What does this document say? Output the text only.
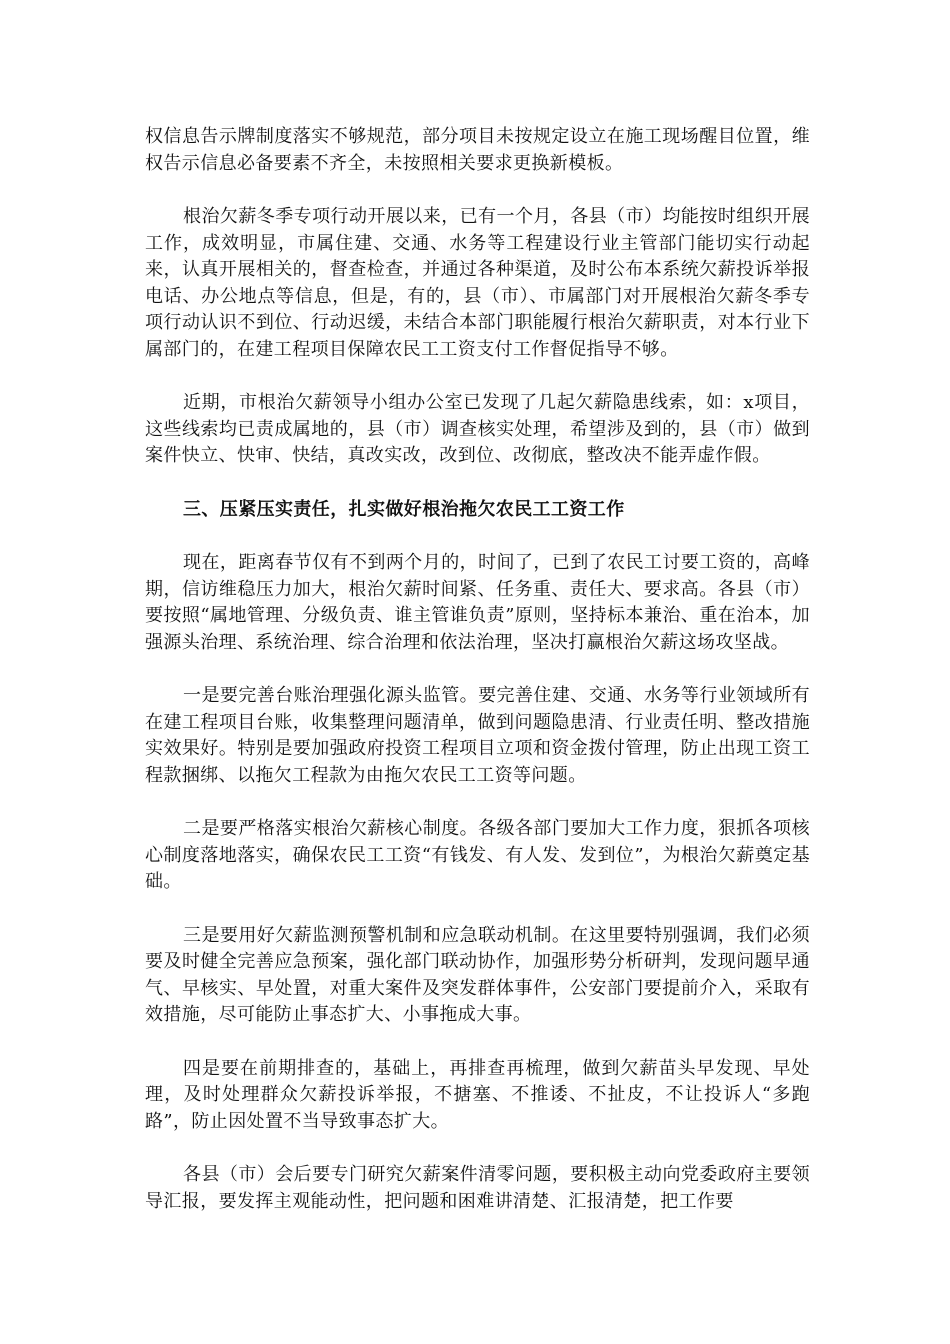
权信息告示牌制度落实不够规范，部分项目未按规定设立在施工现场醒目位置，维权告示信息必备要素不齐全，未按照相关要求更换新模板。

根治欠薪冬季专项行动开展以来，已有一个月，各县（市）均能按时组织开展工作，成效明显，市属住建、交通、水务等工程建设行业主管部门能切实行动起来，认真开展相关的，督查检查，并通过各种渠道，及时公布本系统欠薪投诉举报电话、办公地点等信息，但是，有的，县（市）、市属部门对开展根治欠薪冬季专项行动认识不到位、行动迟缓，未结合本部门职能履行根治欠薪职责，对本行业下属部门的，在建工程项目保障农民工工资支付工作督促指导不够。

近期，市根治欠薪领导小组办公室已发现了几起欠薪隐患线索，如：x项目，这些线索均已责成属地的，县（市）调查核实处理，希望涉及到的，县（市）做到案件快立、快审、快结，真改实改，改到位、改彻底，整改决不能弄虚作假。

三、压紧压实责任，扎实做好根治拖欠农民工工资工作

现在，距离春节仅有不到两个月的，时间了，已到了农民工讨要工资的，高峰期，信访维稳压力加大，根治欠薪时间紧、任务重、责任大、要求高。各县（市）要按照“属地管理、分级负责、谁主管谁负责”原则，坚持标本兼治、重在治本，加强源头治理、系统治理、综合治理和依法治理，坚决打赢根治欠薪这场攻坚战。

一是要完善台账治理强化源头监管。要完善住建、交通、水务等行业领域所有在建工程项目台账，收集整理问题清单，做到问题隐患清、行业责任明、整改措施实效果好。特别是要加强政府投资工程项目立项和资金拨付管理，防止出现工资工程款捆绑、以拖欠工程款为由拖欠农民工工资等问题。

二是要严格落实根治欠薪核心制度。各级各部门要加大工作力度，狠抓各项核心制度落地落实，确保农民工工资“有钱发、有人发、发到位”，为根治欠薪奠定基础。

三是要用好欠薪监测预警机制和应急联动机制。在这里要特别强调，我们必须要及时健全完善应急预案，强化部门联动协作，加强形势分析研判，发现问题早通气、早核实、早处置，对重大案件及突发群体事件，公安部门要提前介入，采取有效措施，尽可能防止事态扩大、小事拖成大事。

四是要在前期排查的，基础上，再排查再梳理，做到欠薪苗头早发现、早处理，及时处理群众欠薪投诉举报，不搪塞、不推诿、不扯皮，不让投诉人“多跑路”，防止因处置不当导致事态扩大。

各县（市）会后要专门研究欠薪案件清零问题，要积极主动向党委政府主要领导汇报，要发挥主观能动性，把问题和困难讲清楚、汇报清楚，把工作要
